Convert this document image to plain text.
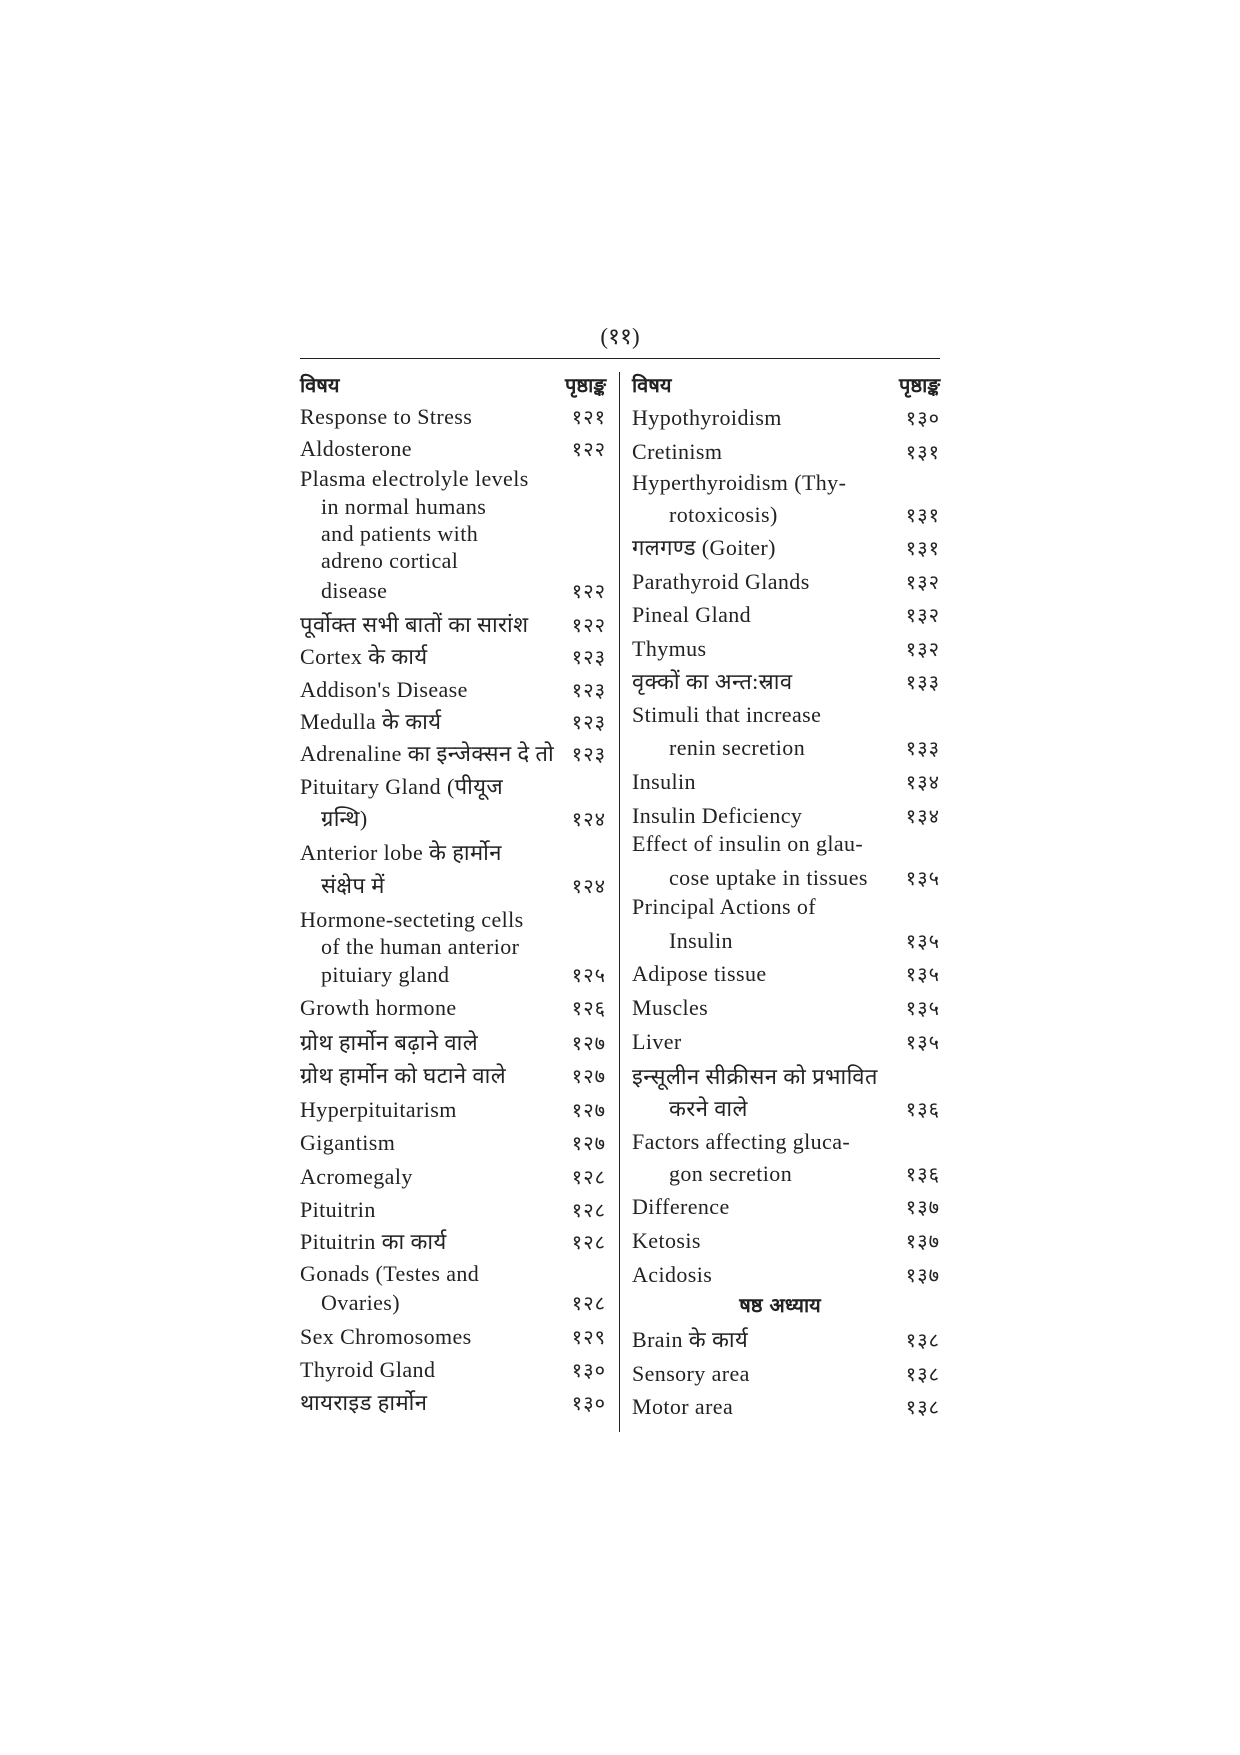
(११)
विषय	पृष्ठाङ्क विषय	पृष्ठाङ्क
Response to Stress	१२१
Aldosterone	१२२
Plasma electrolyle levels
in normal humans
and patients with
adreno cortical
disease	१२२
पूर्वोक्त सभी बातों का सारांश	१२२
Cortex के कार्य	१२३
Addison's Disease	१२३
Medulla के कार्य	१२३
Adrenaline का इन्जेक्सन दे तो १२३
Pituitary Gland (पीयूज
ग्रन्थि)	१२४
Anterior lobe के हार्मोन
संक्षेप में	१२४
Hormone-secteting cells
of the human anterior
pituiary gland	१२५
Growth hormone	१२६
ग्रोथ हार्मोन बढ़ाने वाले	१२७
ग्रोथ हार्मोन को घटाने वाले	१२७
Hyperpituitarism	१२७
Gigantism	१२७
Acromegaly	१२८
Pituitrin	१२८
Pituitrin का कार्य	१२८
Gonads (Testes and
Ovaries)	१२८
Sex Chromosomes	१२९
Thyroid Gland	१३०
थायराइड हार्मोन	१३०
Hypothyroidism	१३०
Cretinism	१३१
Hyperthyroidism (Thy-
rotoxicosis)	१३१
गलगण्ड (Goiter)	१३१
Parathyroid Glands	१३२
Pineal Gland	१३२
Thymus	१३२
वृक्कों का अन्त:स्राव	१३३
Stimuli that increase
renin secretion	१३३
Insulin	१३४
Insulin Deficiency	१३४
Effect of insulin on glau-
cose uptake in tissues	१३५
Principal Actions of
Insulin	१३५
Adipose tissue	१३५
Muscles	१३५
Liver	१३५
इन्सूलीन सीक्रीसन को प्रभावित
करने वाले	१३६
Factors affecting gluca-
gon secretion	१३६
Difference	१३७
Ketosis	१३७
Acidosis	१३७
Brain के कार्य	१३८
Sensory area	१३८
Motor area	१३८
षष्ठ अध्याय
